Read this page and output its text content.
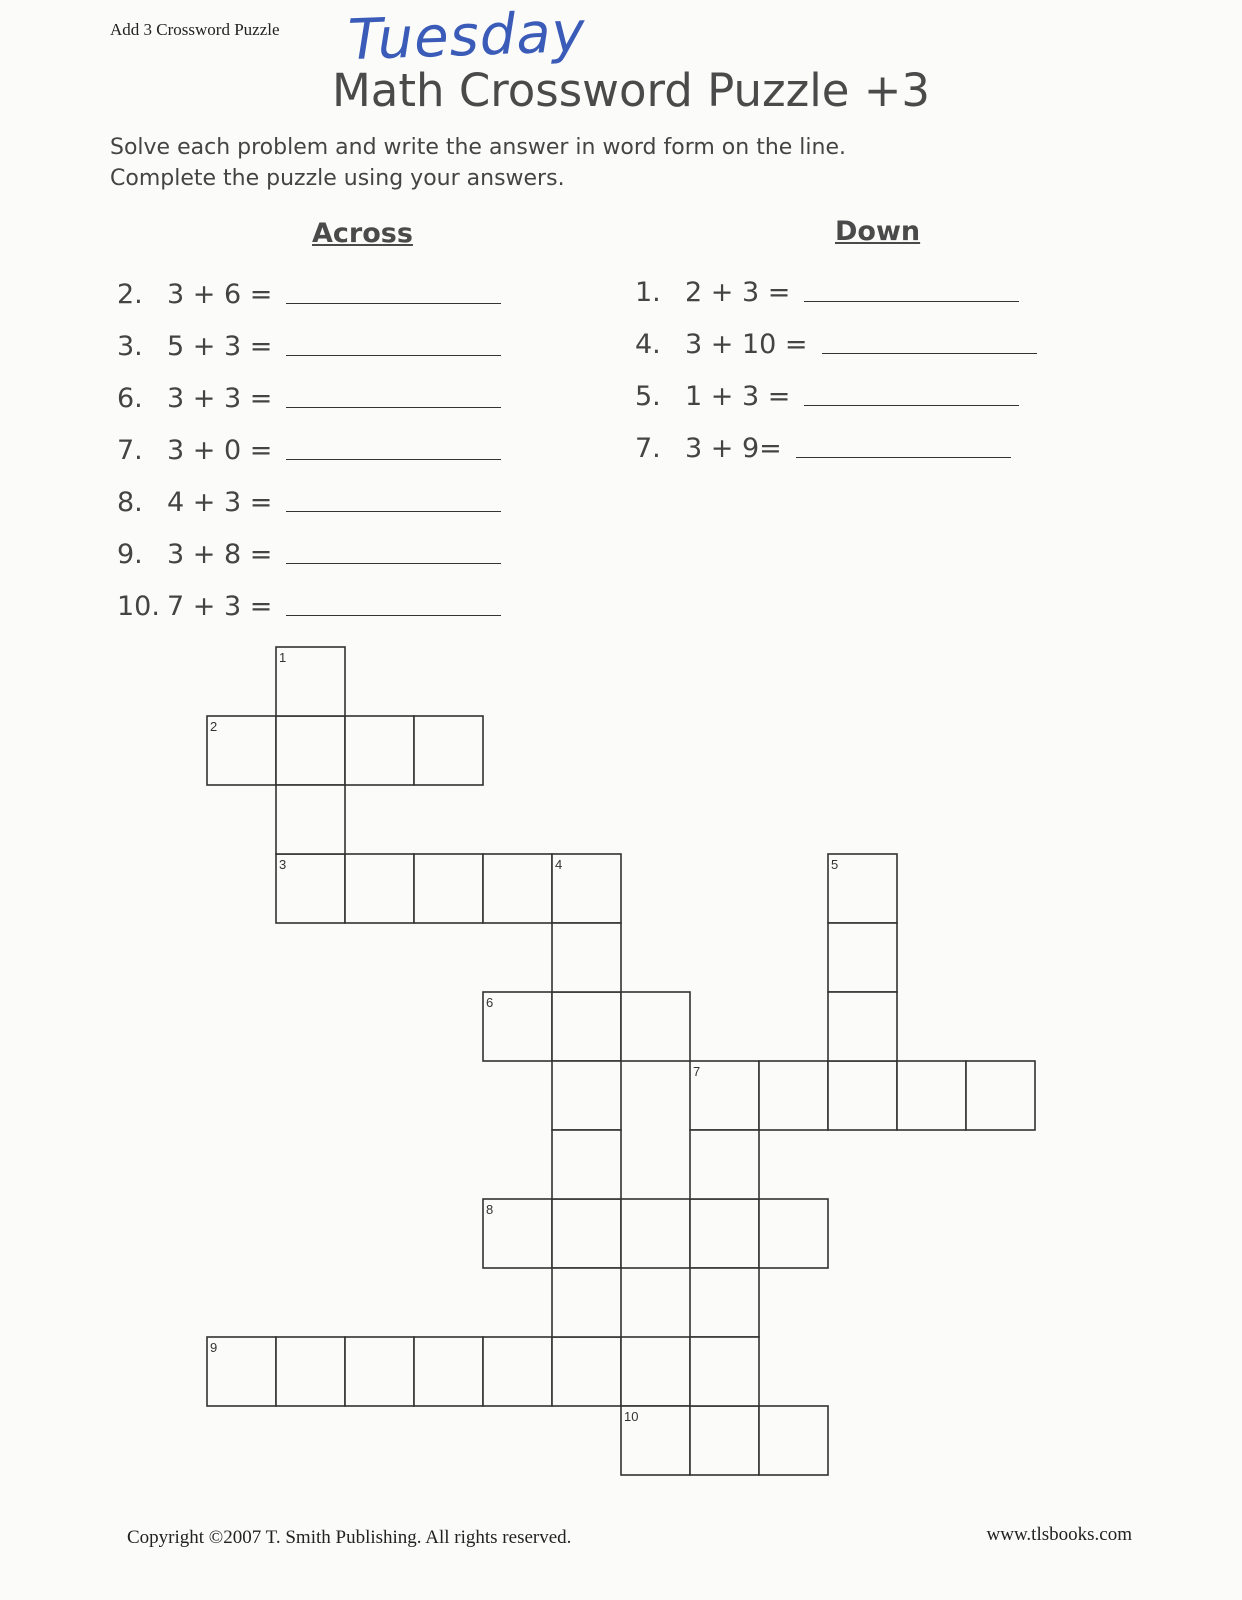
Add 3 Crossword Puzzle Tuesday
Math Crossword Puzzle +3
Solve each problem and write the answer in word form on the line.
Complete the puzzle using your answers.
Across	Down
2. 3 + 6 =
3. 5 + 3 =
6. 3 + 3 =
7. 3 + 0 =
8. 4 + 3 =
9. 3 + 8 =
10. 7 + 3 =
1. 2 + 3 =
4. 3 + 10 =
5. 1 + 3 =
7. 3 + 9=
1
2
3	4	5
6
7
8
9
10
Copyright ©2007 T. Smith Publishing. All rights reserved.	www.tlsbooks.com
